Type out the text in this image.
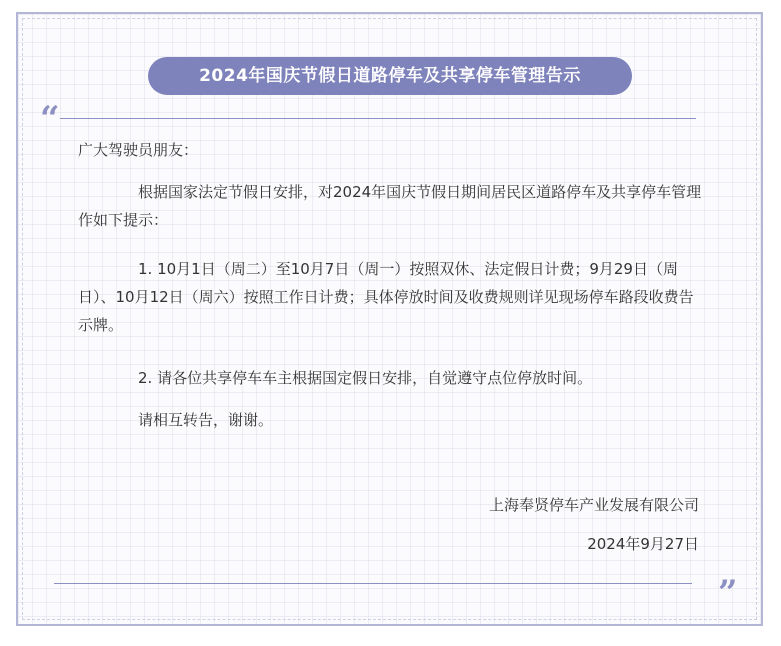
2024年国庆节假日道路停车及共享停车管理告示
“
广大驾驶员朋友：
根据国家法定节假日安排，对2024年国庆节假日期间居民区道路停车及共享停车管理作如下提示：
1. 10月1日（周二）至10月7日（周一）按照双休、法定假日计费；9月29日（周日）、10月12日（周六）按照工作日计费；具体停放时间及收费规则详见现场停车路段收费告示牌。
2. 请各位共享停车车主根据国定假日安排，自觉遵守点位停放时间。
请相互转告，谢谢。
上海奉贤停车产业发展有限公司
2024年9月27日
”
